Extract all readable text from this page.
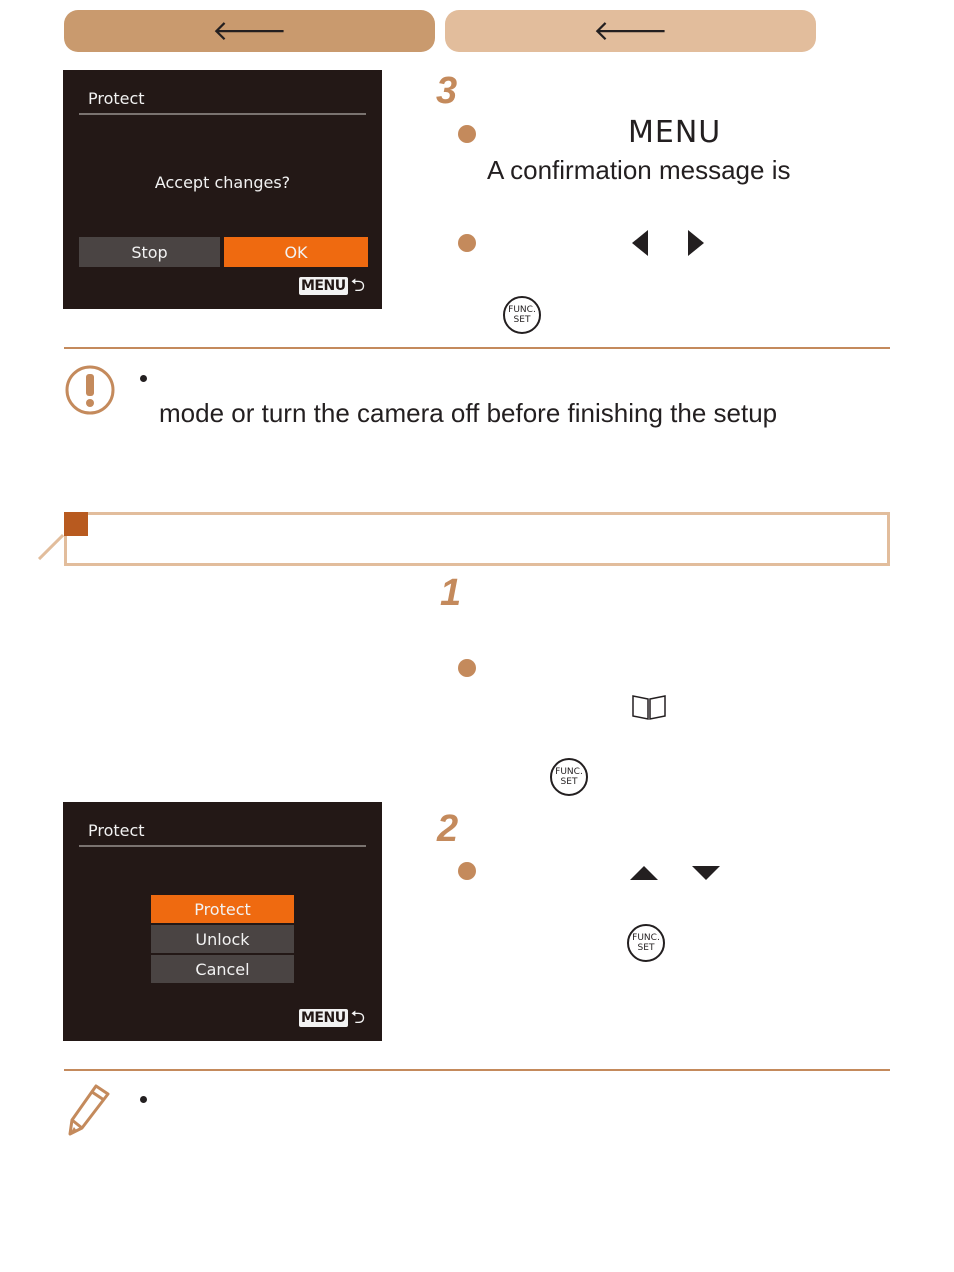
🡐	🡐
Protect
Accept changes?
Stop	OK
MENU ⮌
3
MENU
A confirmation message is
FUNC.
SET
mode or turn the camera off before finishing the setup
1
FUNC.
SET
Protect
Protect
Unlock
Cancel
MENU ⮌
2
FUNC.
SET
